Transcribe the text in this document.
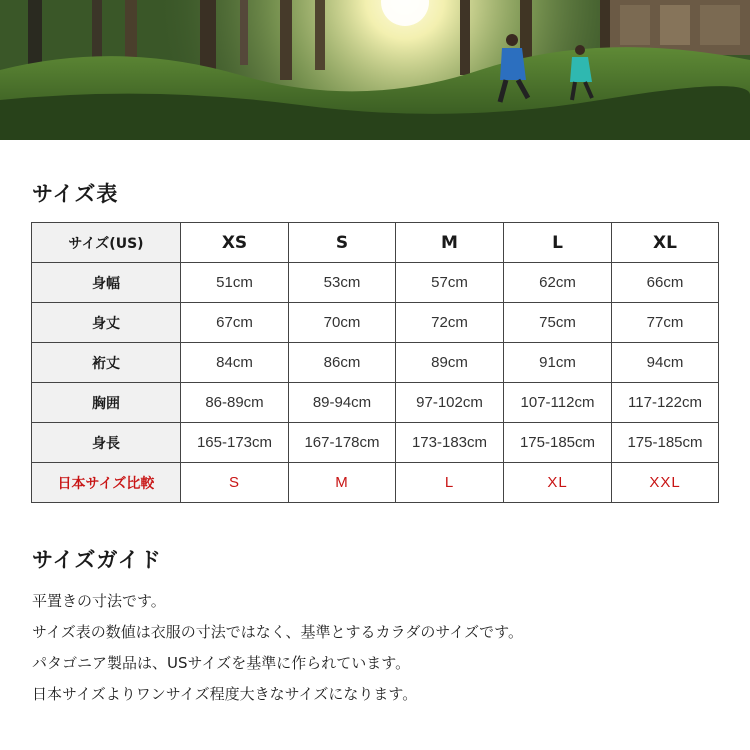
サイズ表
サイズ(US)	XS	S	M	L	XL
身幅	51cm	53cm	57cm	62cm	66cm
身丈	67cm	70cm	72cm	75cm	77cm
裄丈	84cm	86cm	89cm	91cm	94cm
胸囲	86-89cm	89-94cm	97-102cm	107-112cm	117-122cm
身長	165-173cm	167-178cm	173-183cm	175-185cm	175-185cm
日本サイズ比較	S	M	L	XL	XXL
サイズガイド
平置きの寸法です。
サイズ表の数値は衣服の寸法ではなく、基準とするカラダのサイズです。
パタゴニア製品は、USサイズを基準に作られています。
日本サイズよりワンサイズ程度大きなサイズになります。
